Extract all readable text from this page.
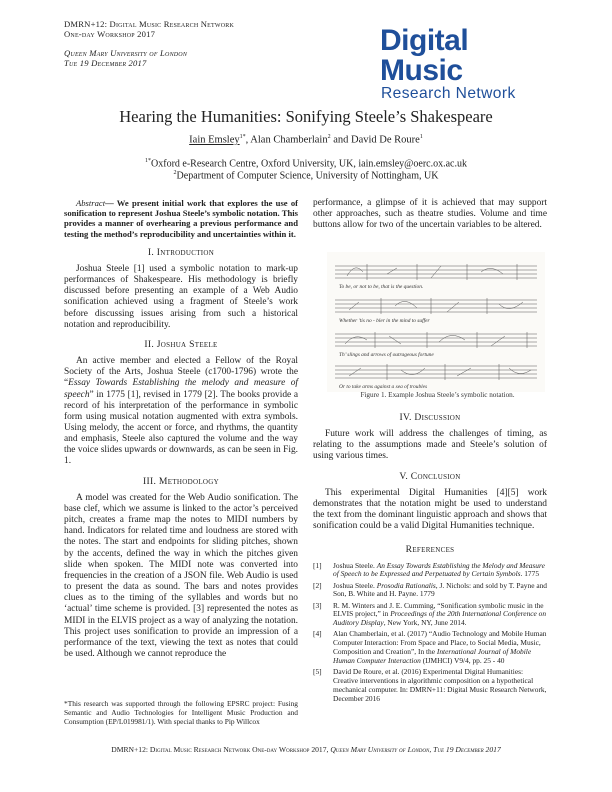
DMRN+12: Digital Music Research Network
One-day Workshop 2017
Queen Mary University of London
Tue 19 December 2017
Digital Music
Research Network
Hearing the Humanities: Sonifying Steele’s Shakespeare
Iain Emsley$^{1*}$, Alan Chamberlain$^2$ and David De Roure$^1$
$^{1*}$Oxford e-Research Centre, Oxford University, UK, iain.emsley@oerc.ox.ac.uk
$^2$Department of Computer Science, University of Nottingham, UK

Abstract— We present initial work that explores the use of sonification to represent Joshua Steele’s symbolic notation. This provides a manner of overhearing a previous performance and testing the method’s reproducibility and uncertainties within it.

I. Introduction

Joshua Steele [1] used a symbolic notation to mark-up performances of Shakespeare. His methodology is briefly discussed before presenting an example of a Web Audio sonification achieved using a fragment of Steele’s work before discussing issues arising from such a historical notation and reproducibility.

II. Joshua Steele

An active member and elected a Fellow of the Royal Society of the Arts, Joshua Steele (c1700-1796) wrote the “Essay Towards Establishing the melody and measure of speech” in 1775 [1], revised in 1779 [2]. The books provide a record of his interpretation of the performance in symbolic form using musical notation augmented with extra symbols. Using melody, the accent or force, and rhythms, the quantity and emphasis, Steele also captured the volume and the way the voice slides upwards or downwards, as can be seen in Fig. 1.

III. Methodology

A model was created for the Web Audio sonification. The base clef, which we assume is linked to the actor’s perceived pitch, creates a frame map the notes to MIDI numbers by hand. Indicators for related time and loudness are stored with the notes. The start and endpoints for sliding pitches, shown by the accents, defined the way in which the pitches given slide when spoken. The MIDI note was converted into frequencies in the creation of a JSON file. Web Audio is used to present the data as sound. The bars and notes provides clues as to the timing of the syllables and words but no ‘actual’ time scheme is provided. [3] represented the notes as MIDI in the ELVIS project as a way of analyzing the notation. This project uses sonification to provide an impression of a performance of the text, viewing the text as notes that could be used. Although we cannot reproduce the

*This research was supported through the following EPSRC project: Fusing Semantic and Audio Technologies for Intelligent Music Production and Consumption (EP/L019981/1). With special thanks to Pip Willcox

performance, a glimpse of it is achieved that may support other approaches, such as theatre studies. Volume and time buttons allow for two of the uncertain variables to be altered.

To be, or not to be, that is the question.
Whether ’tis no - bler in the mind to suffer
Th’ slings and arrows of outrageous fortune
Or to take arms against a sea of troubles
Figure 1. Example Joshua Steele’s symbolic notation.
IV. Discussion

Future work will address the challenges of timing, as relating to the assumptions made and Steele’s solution of using various times.

V. Conclusion

This experimental Digital Humanities [4][5] work demonstrates that the notation might be used to understand the text from the dominant linguistic approach and shows that sonification could be a valid Digital Humanities technique.

References
[1]	Joshua Steele. An Essay Towards Establishing the Melody and Measure of Speech to be Expressed and Perpetuated by Certain Symbols. 1775
[2]	Joshua Steele. Prosodia Rationalis, J. Nichols: and sold by T. Payne and Son, B. White and H. Payne. 1779
[3]	R. M. Winters and J. E. Cumming, “Sonification symbolic music in the ELVIS project,” in Proceedings of the 20th International Conference on Auditory Display, New York, NY, June 2014.
[4]	Alan Chamberlain, et al. (2017) “Audio Technology and Mobile Human Computer Interaction: From Space and Place, to Social Media, Music, Composition and Creation”, In the International Journal of Mobile Human Computer Interaction (IJMHCI) V9/4, pp. 25 - 40
[5]	David De Roure, et al. (2016) Experimental Digital Humanities: Creative interventions in algorithmic composition on a hypothetical mechanical computer. In: DMRN+11: Digital Music Research Network, December 2016
DMRN+12: Digital Music Research Network One-day Workshop 2017, Queen Mary University of London, Tue 19 December 2017
